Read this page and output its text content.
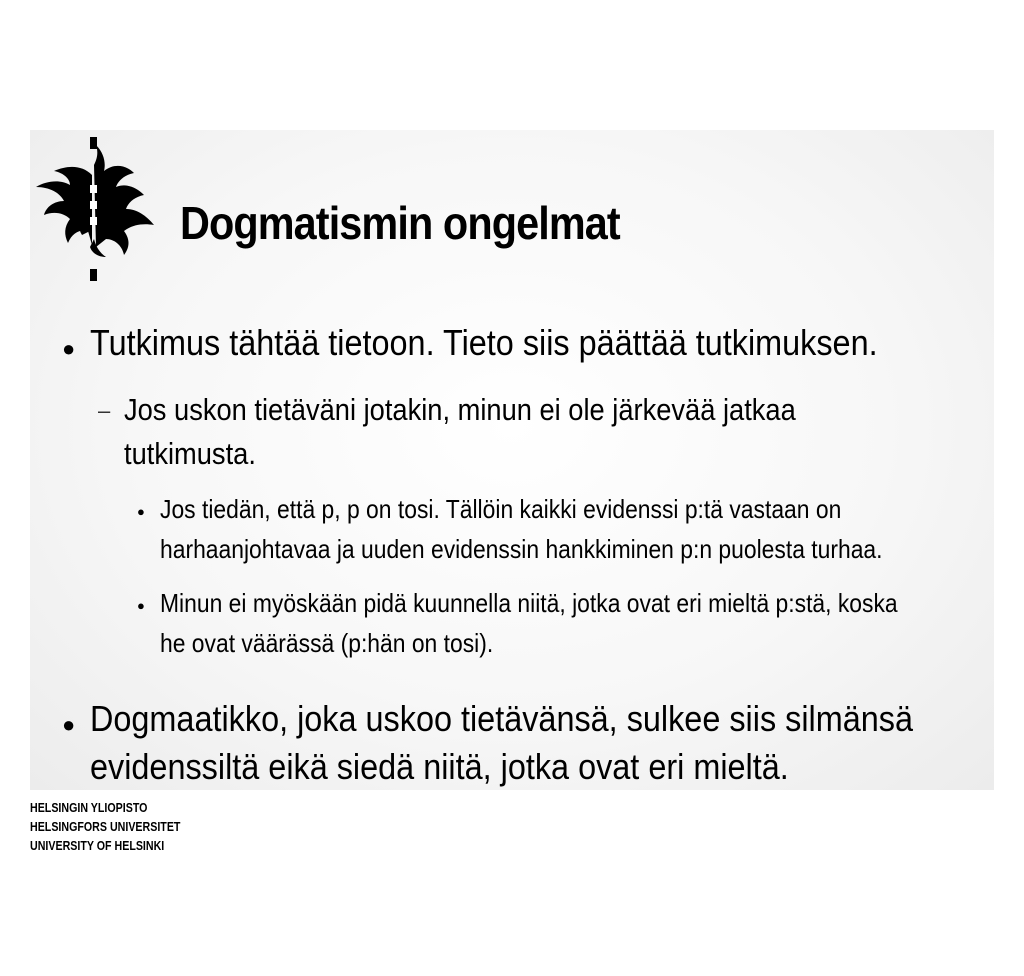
Dogmatismin ongelmat
● Tutkimus tähtää tietoon. Tieto siis päättää tutkimuksen.

– Jos uskon tietäväni jotakin, minun ei ole järkevää jatkaa

tutkimusta.

● Jos tiedän, että p, p on tosi. Tällöin kaikki evidenssi p:tä vastaan on

harhaanjohtavaa ja uuden evidenssin hankkiminen p:n puolesta turhaa.

● Minun ei myöskään pidä kuunnella niitä, jotka ovat eri mieltä p:stä, koska

he ovat väärässä (p:hän on tosi).

● Dogmaatikko, joka uskoo tietävänsä, sulkee siis silmänsä

evidenssiltä eikä siedä niitä, jotka ovat eri mieltä.

HELSINGIN YLIOPISTO
HELSINGFORS UNIVERSITET
UNIVERSITY OF HELSINKI
